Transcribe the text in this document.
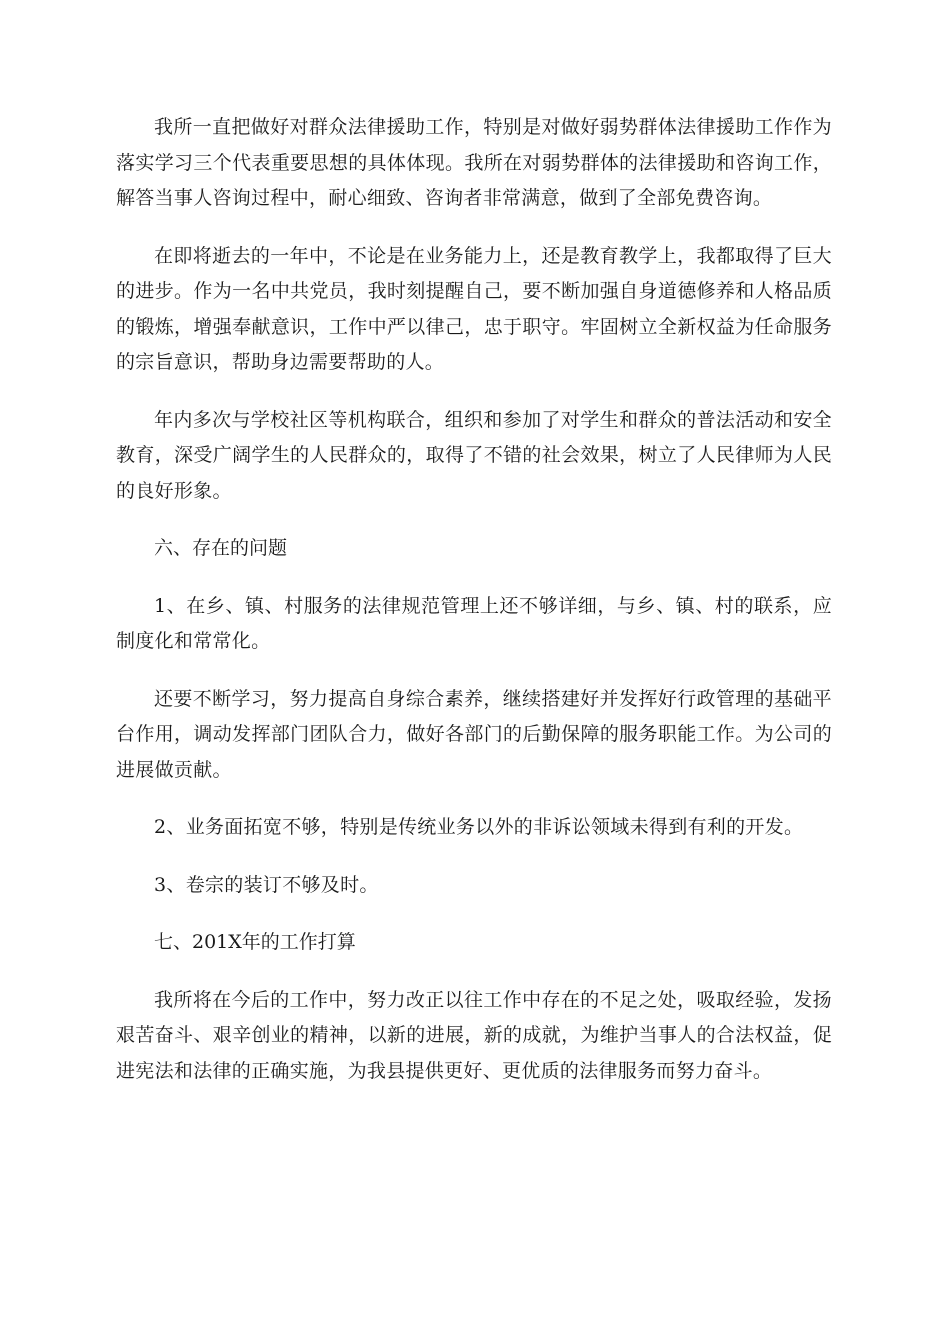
我所一直把做好对群众法律援助工作，特别是对做好弱势群体法律援助工作作为落实学习三个代表重要思想的具体体现。我所在对弱势群体的法律援助和咨询工作，解答当事人咨询过程中，耐心细致、咨询者非常满意，做到了全部免费咨询。

在即将逝去的一年中，不论是在业务能力上，还是教育教学上，我都取得了巨大的进步。作为一名中共党员，我时刻提醒自己，要不断加强自身道德修养和人格品质的锻炼，增强奉献意识，工作中严以律己，忠于职守。牢固树立全新权益为任命服务的宗旨意识，帮助身边需要帮助的人。

年内多次与学校社区等机构联合，组织和参加了对学生和群众的普法活动和安全教育，深受广阔学生的人民群众的，取得了不错的社会效果，树立了人民律师为人民的良好形象。

六、存在的问题

1、在乡、镇、村服务的法律规范管理上还不够详细，与乡、镇、村的联系，应制度化和常常化。

还要不断学习，努力提高自身综合素养，继续搭建好并发挥好行政管理的基础平台作用，调动发挥部门团队合力，做好各部门的后勤保障的服务职能工作。为公司的进展做贡献。

2、业务面拓宽不够，特别是传统业务以外的非诉讼领域未得到有利的开发。

3、卷宗的装订不够及时。

七、201X年的工作打算

我所将在今后的工作中，努力改正以往工作中存在的不足之处，吸取经验，发扬艰苦奋斗、艰辛创业的精神，以新的进展，新的成就，为维护当事人的合法权益，促进宪法和法律的正确实施，为我县提供更好、更优质的法律服务而努力奋斗。
